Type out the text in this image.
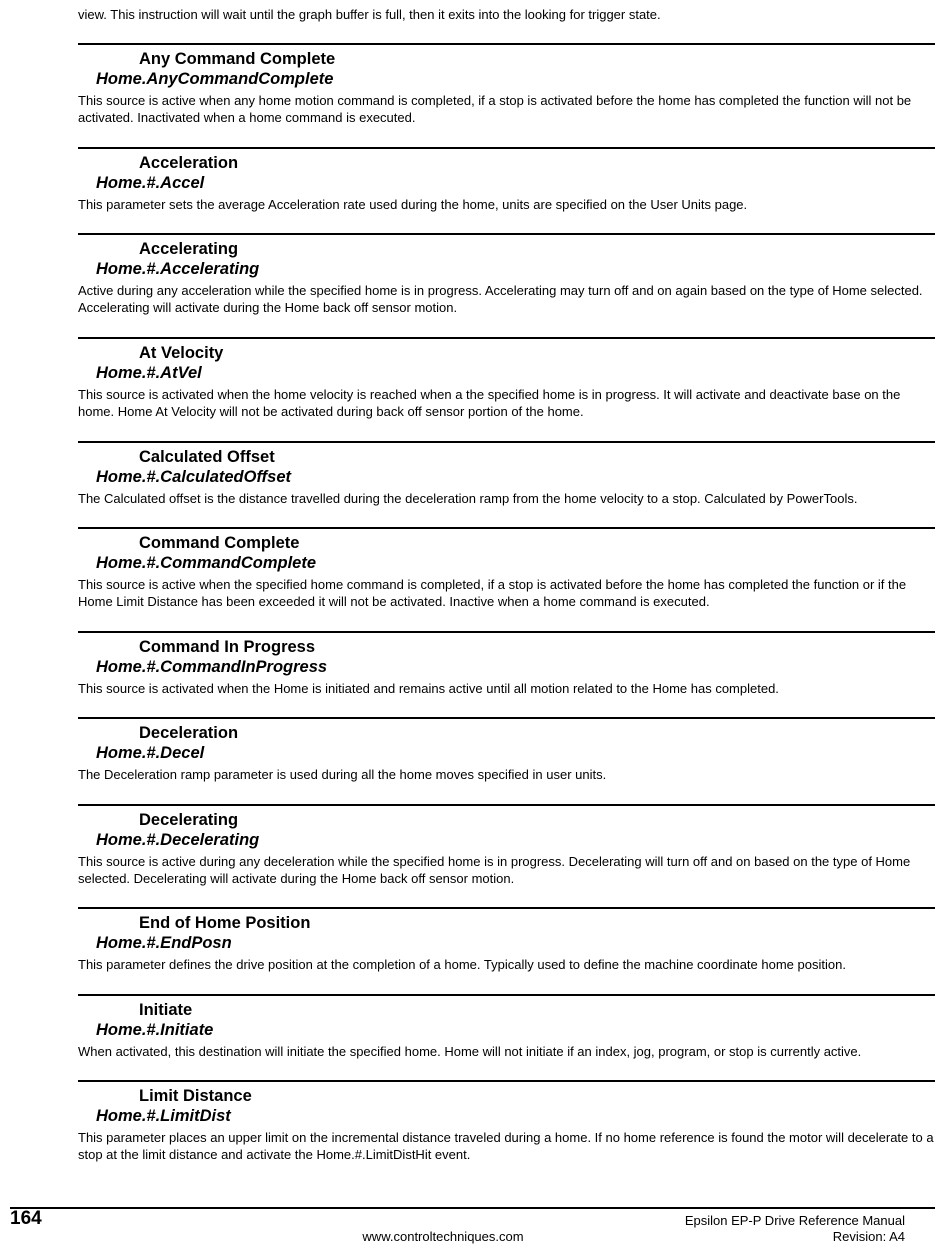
view. This instruction will wait until the graph buffer is full, then it exits into the looking for trigger state.
Any Command Complete
Home.AnyCommandComplete
This source is active when any home motion command is completed, if a stop is activated before the home has completed the function will not be activated. Inactivated when a home command is executed.
Acceleration
Home.#.Accel
This parameter sets the average Acceleration rate used during the home, units are specified on the User Units page.
Accelerating
Home.#.Accelerating
Active during any acceleration while the specified home is in progress. Accelerating may turn off and on again based on the type of Home selected. Accelerating will activate during the Home back off sensor motion.
At Velocity
Home.#.AtVel
This source is activated when the home velocity is reached when a the specified home is in progress. It will activate and deactivate base on the home. Home At Velocity will not be activated during back off sensor portion of the home.
Calculated Offset
Home.#.CalculatedOffset
The Calculated offset is the distance travelled during the deceleration ramp from the home velocity to a stop. Calculated by PowerTools.
Command Complete
Home.#.CommandComplete
This source is active when the specified home command is completed, if a stop is activated before the home has completed the function or if the Home Limit Distance has been exceeded it will not be activated. Inactive when a home command is executed.
Command In Progress
Home.#.CommandInProgress
This source is activated when the Home is initiated and remains active until all motion related to the Home has completed.
Deceleration
Home.#.Decel
The Deceleration ramp parameter is used during all the home moves specified in user units.
Decelerating
Home.#.Decelerating
This source is active during any deceleration while the specified home is in progress. Decelerating will turn off and on based on the type of Home selected. Decelerating will activate during the Home back off sensor motion.
End of Home Position
Home.#.EndPosn
This parameter defines the drive position at the completion of a home. Typically used to define the machine coordinate home position.
Initiate
Home.#.Initiate
When activated, this destination will initiate the specified home. Home will not initiate if an index, jog, program, or stop is currently active.
Limit Distance
Home.#.LimitDist
This parameter places an upper limit on the incremental distance traveled during a home. If no home reference is found the motor will decelerate to a stop at the limit distance and activate the Home.#.LimitDistHit event.
164
www.controltechniques.com
Epsilon EP-P Drive Reference Manual
Revision: A4
